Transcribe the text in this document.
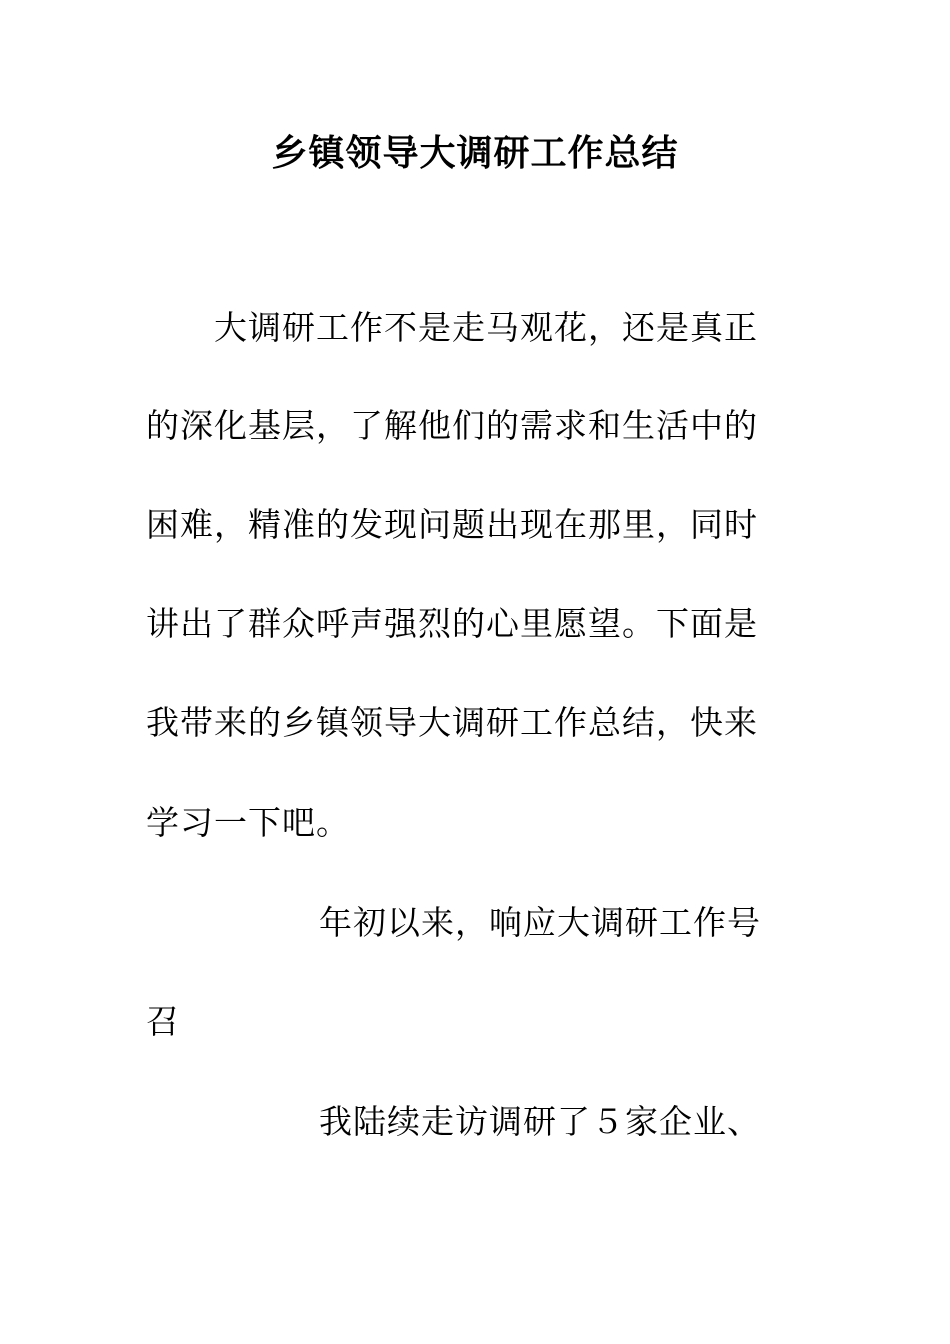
乡镇领导大调研工作总结
大调研工作不是走马观花，还是真正
的深化基层，了解他们的需求和生活中的
困难，精准的发现问题出现在那里，同时
讲出了群众呼声强烈的心里愿望。下面是
我带来的乡镇领导大调研工作总结，快来
学习一下吧。
年初以来，响应大调研工作号
召
我陆续走访调研了５家企业、
